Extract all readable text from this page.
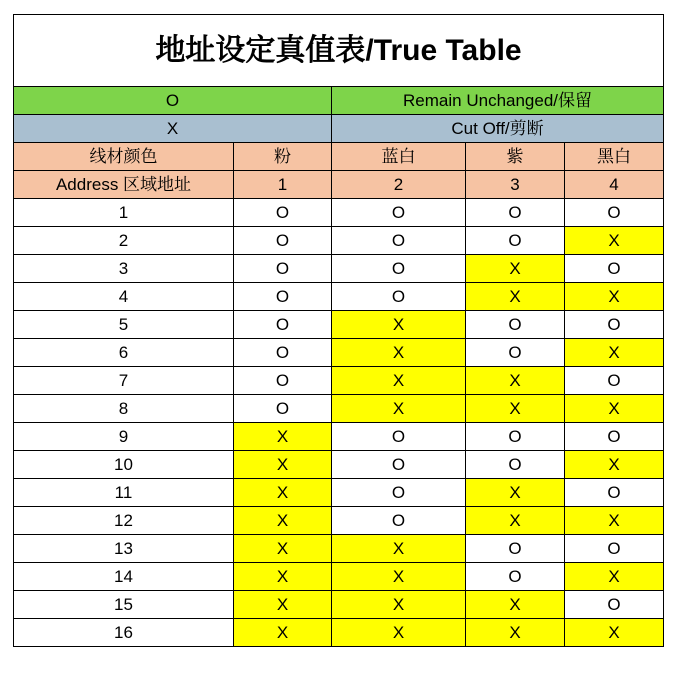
地址设定真值表/True Table				
O		Remain Unchanged/保留		
X		Cut Off/剪断		
线材颜色	粉	蓝白	紫	黑白
Address 区域地址	1	2	3	4
1	O	O	O	O
2	O	O	O	X
3	O	O	X	O
4	O	O	X	X
5	O	X	O	O
6	O	X	O	X
7	O	X	X	O
8	O	X	X	X
9	X	O	O	O
10	X	O	O	X
11	X	O	X	O
12	X	O	X	X
13	X	X	O	O
14	X	X	O	X
15	X	X	X	O
16	X	X	X	X
